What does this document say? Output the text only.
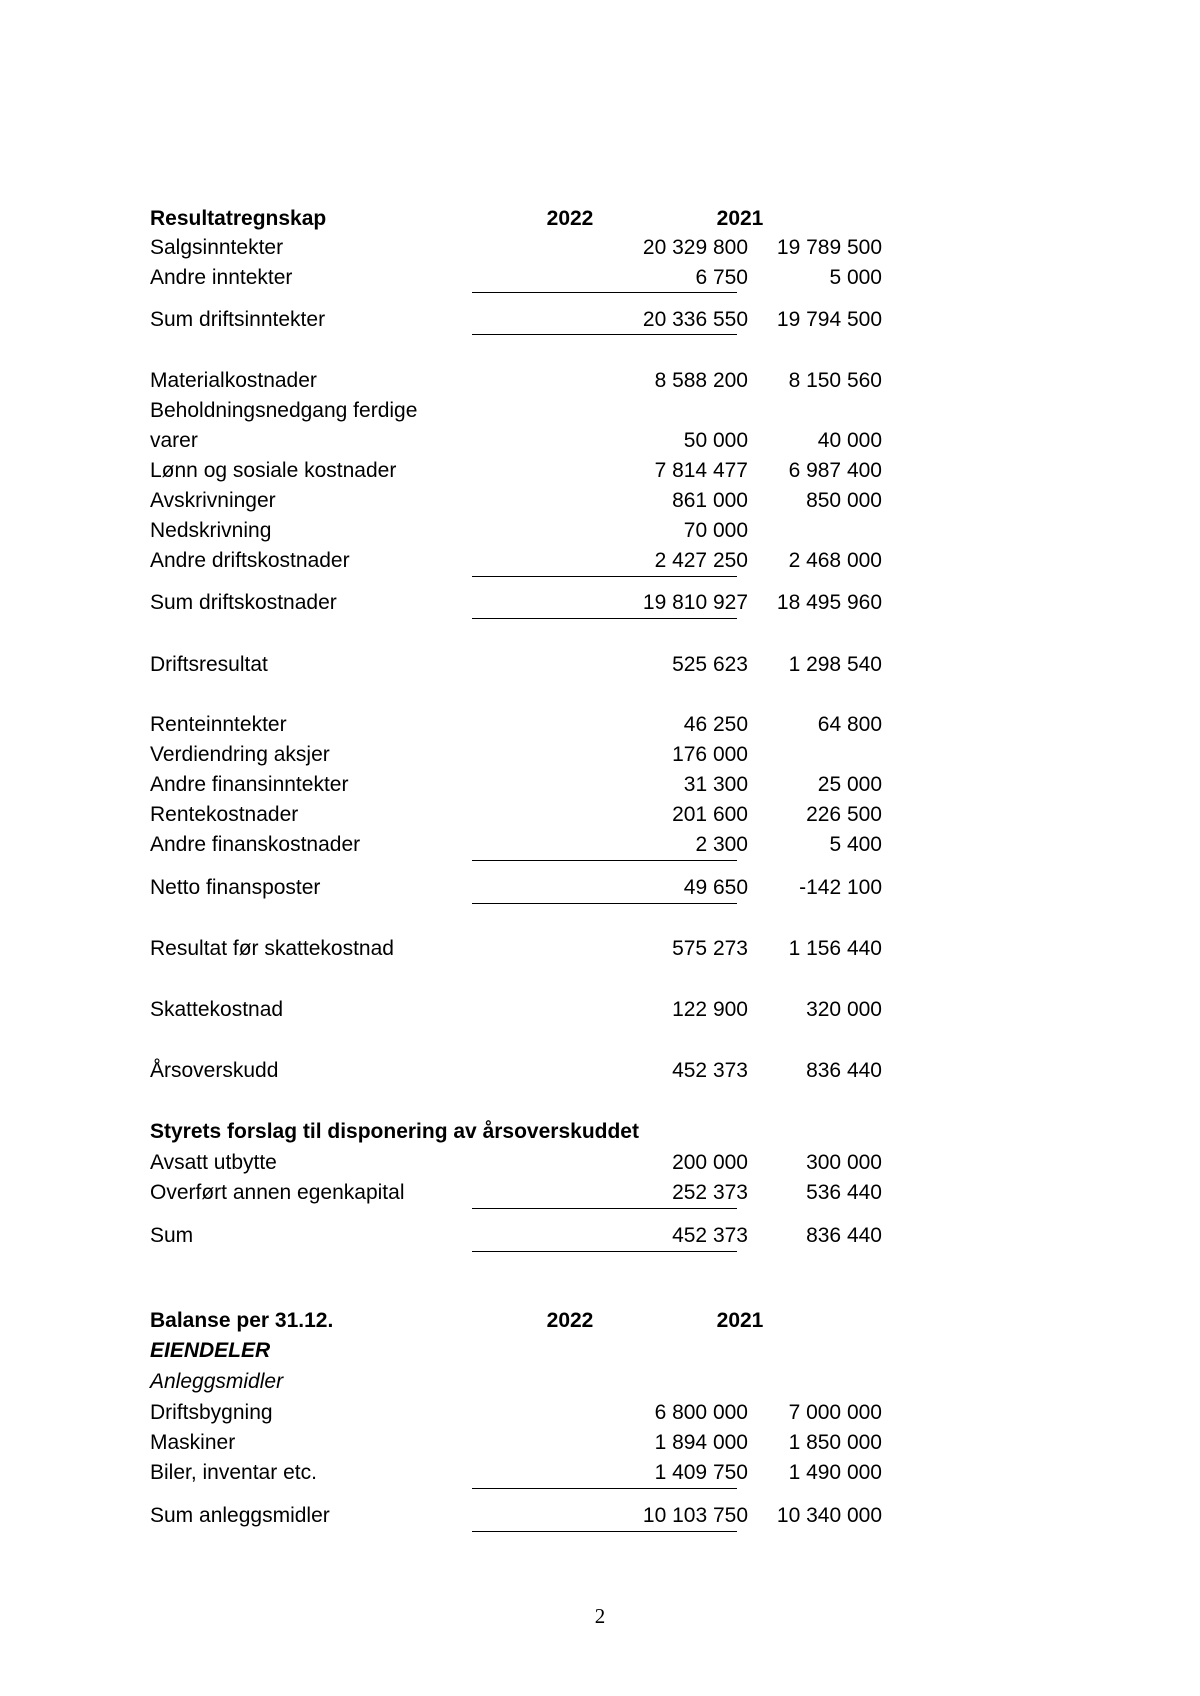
Resultatregnskap	2022	2021
Salgsinntekter	20 329 800	19 789 500
Andre inntekter	6 750	5 000
Sum driftsinntekter	20 336 550	19 794 500
Materialkostnader	8 588 200	8 150 560
Beholdningsnedgang ferdige
varer	50 000	40 000
Lønn og sosiale kostnader	7 814 477	6 987 400
Avskrivninger	861 000	850 000
Nedskrivning	70 000
Andre driftskostnader	2 427 250	2 468 000
Sum driftskostnader	19 810 927	18 495 960
Driftsresultat	525 623	1 298 540
Renteinntekter	46 250	64 800
Verdiendring aksjer	176 000
Andre finansinntekter	31 300	25 000
Rentekostnader	201 600	226 500
Andre finanskostnader	2 300	5 400
Netto finansposter	49 650	-142 100
Resultat før skattekostnad	575 273	1 156 440
Skattekostnad	122 900	320 000
Årsoverskudd	452 373	836 440
Styrets forslag til disponering av årsoverskuddet
Avsatt utbytte	200 000	300 000
Overført annen egenkapital	252 373	536 440
Sum	452 373	836 440
Balanse per 31.12.	2022	2021
EIENDELER
Anleggsmidler
Driftsbygning	6 800 000	7 000 000
Maskiner	1 894 000	1 850 000
Biler, inventar etc.	1 409 750	1 490 000
Sum anleggsmidler	10 103 750	10 340 000
2
